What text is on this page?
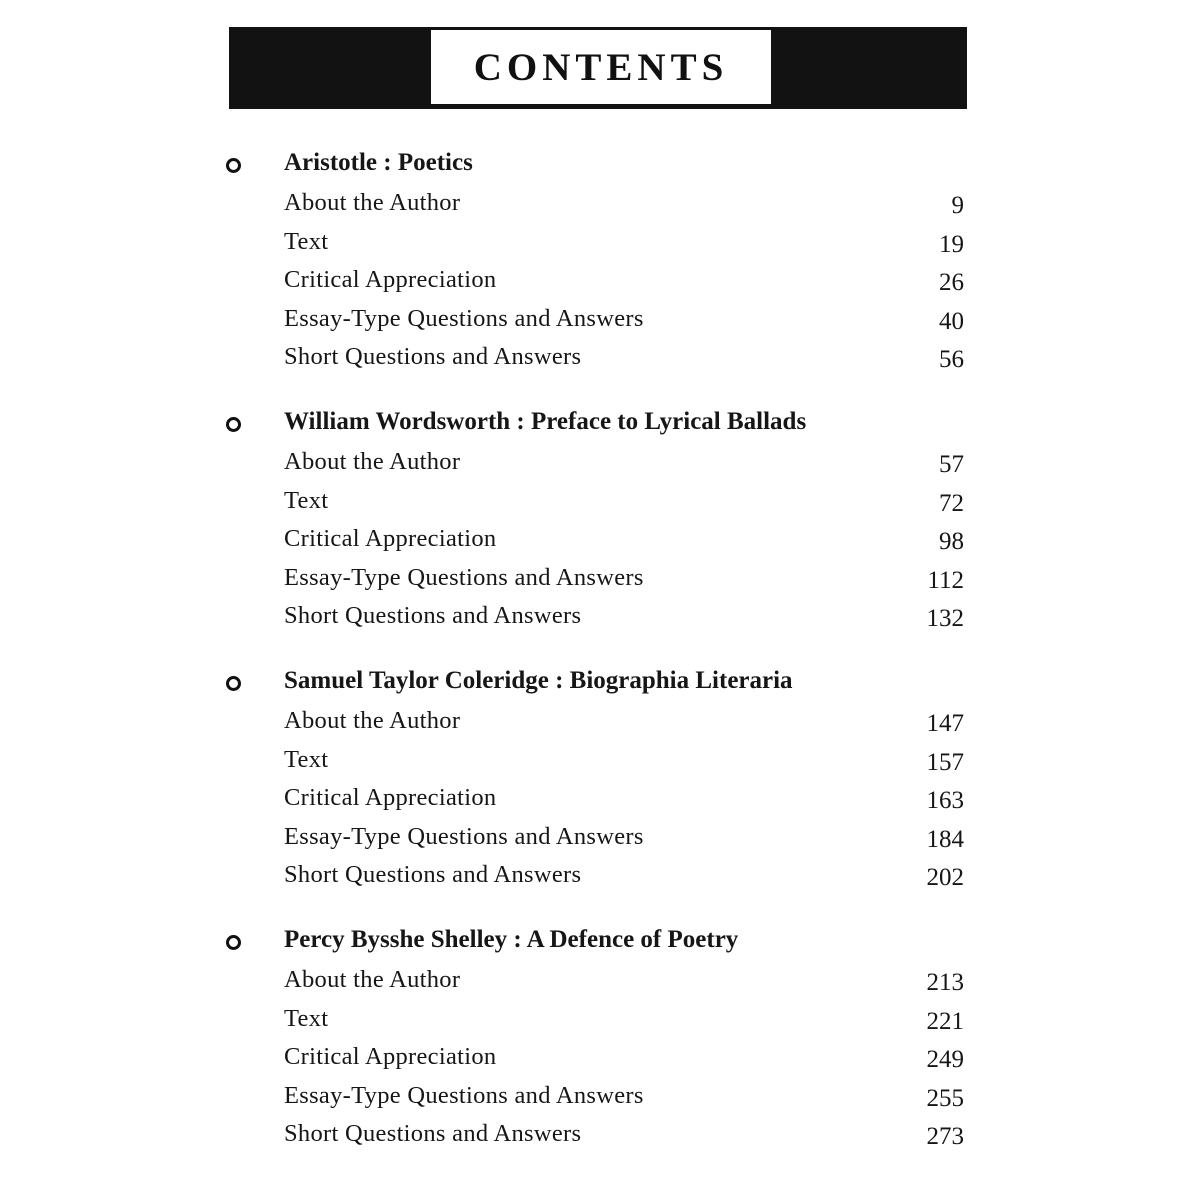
CONTENTS
Aristotle : Poetics
About the Author	9
Text	19
Critical Appreciation	26
Essay-Type Questions and Answers	40
Short Questions and Answers	56
William Wordsworth : Preface to Lyrical Ballads
About the Author	57
Text	72
Critical Appreciation	98
Essay-Type Questions and Answers	112
Short Questions and Answers	132
Samuel Taylor Coleridge : Biographia Literaria
About the Author	147
Text	157
Critical Appreciation	163
Essay-Type Questions and Answers	184
Short Questions and Answers	202
Percy Bysshe Shelley : A Defence of Poetry
About the Author	213
Text	221
Critical Appreciation	249
Essay-Type Questions and Answers	255
Short Questions and Answers	273
